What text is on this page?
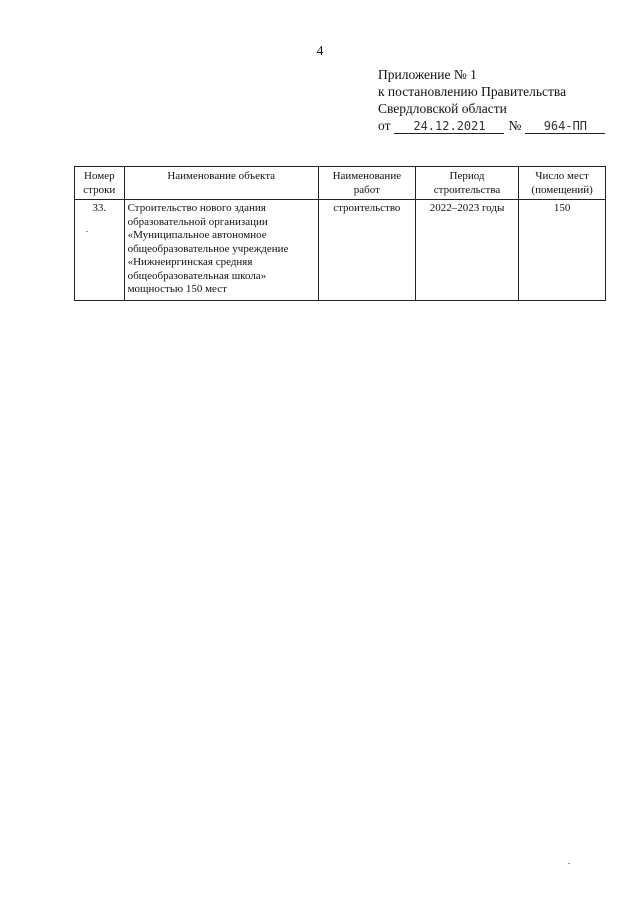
4
Приложение № 1
к постановлению Правительства
Свердловской области
от	24.12.2021	№	964-ПП
Номер строки	Наименование объекта	Наименование работ	Период строительства	Число мест (помещений)
33.	Строительство нового здания образовательной организации «Муниципальное автономное общеобразовательное учреждение «Нижнеиргинская средняя общеобразовательная школа» мощностью 150 мест	строительство	2022–2023 годы	150
